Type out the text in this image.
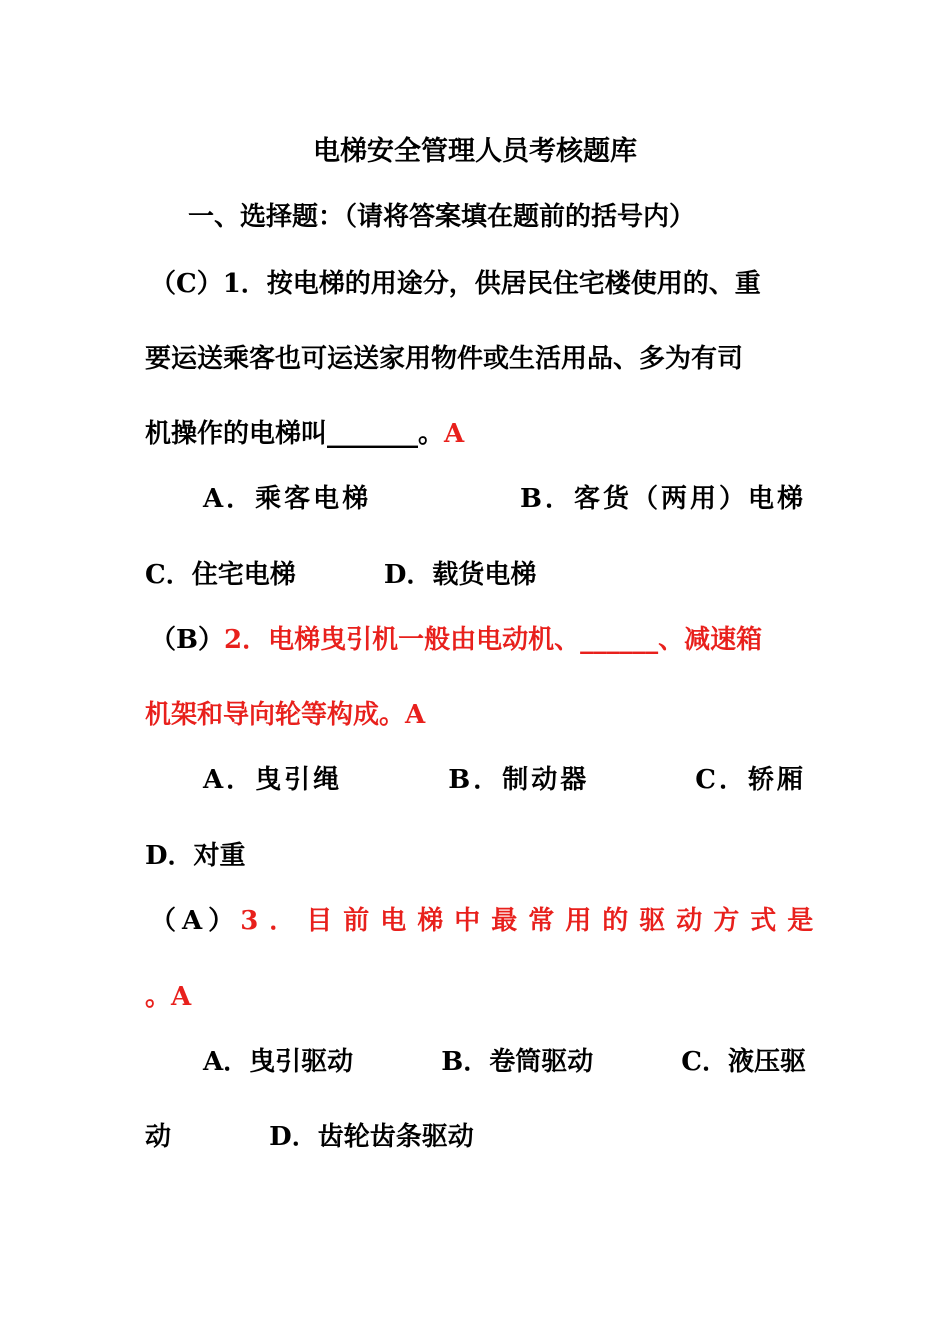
电梯安全管理人员考核题库
一、选择题：（请将答案填在题前的括号内）
（C）1．按电梯的用途分，供居民住宅楼使用的、重
要运送乘客也可运送家用物件或生活用品、多为有司
机操作的电梯叫_______。A
A．乘客电梯	B．客货（两用）电梯
C．住宅电梯	D．载货电梯
（B）2．电梯曳引机一般由电动机、______、减速箱
机架和导向轮等构成。A
A．曳引绳	B．制动器	C．轿厢
D．对重
（A） 3．目前电梯中最常用的驱动方式是
。A
A．曳引驱动	B．卷筒驱动	C．液压驱
动	D．齿轮齿条驱动
